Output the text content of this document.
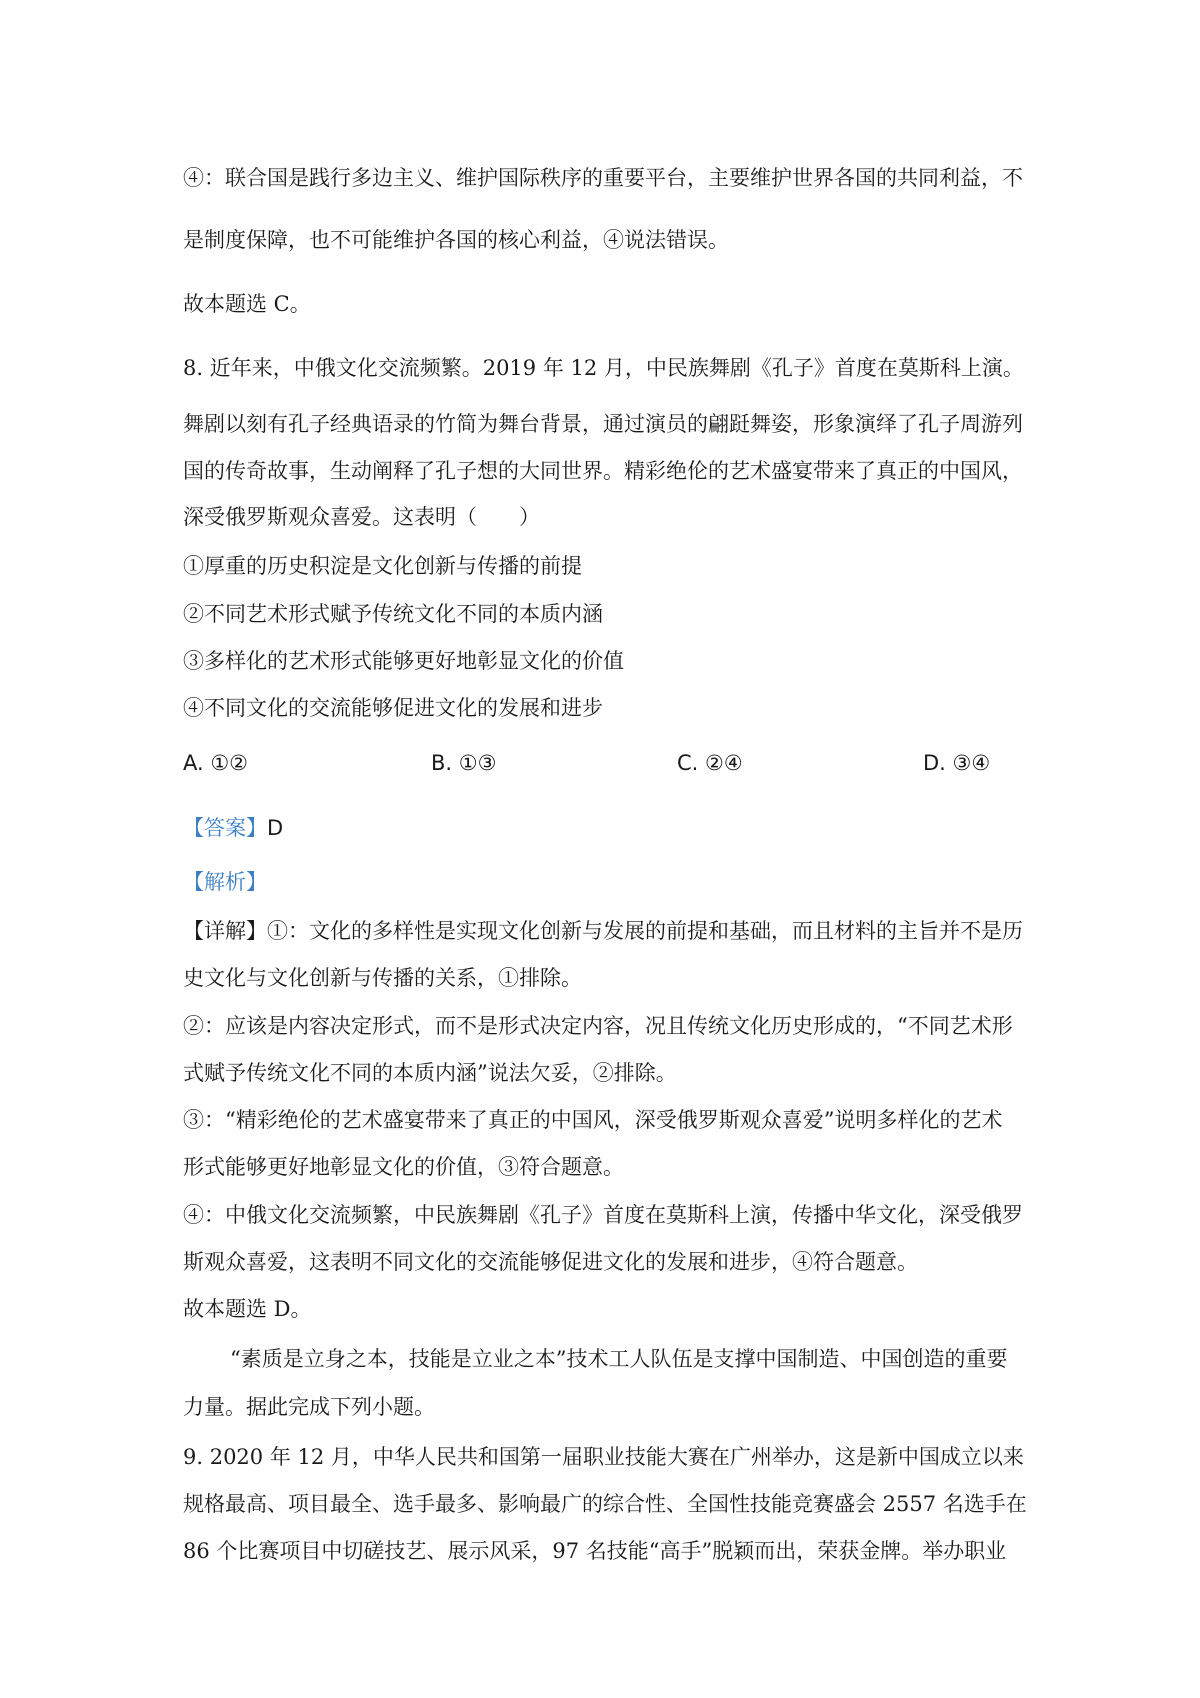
④：联合国是践行多边主义、维护国际秩序的重要平台，主要维护世界各国的共同利益，不
是制度保障，也不可能维护各国的核心利益，④说法错误。
故本题选 C。
8. 近年来，中俄文化交流频繁。2019 年 12 月，中民族舞剧《孔子》首度在莫斯科上演。
舞剧以刻有孔子经典语录的竹简为舞台背景，通过演员的翩跹舞姿，形象演绎了孔子周游列
国的传奇故事，生动阐释了孔子想的大同世界。精彩绝伦的艺术盛宴带来了真正的中国风，
深受俄罗斯观众喜爱。这表明（　　）
①厚重的历史积淀是文化创新与传播的前提
②不同艺术形式赋予传统文化不同的本质内涵
③多样化的艺术形式能够更好地彰显文化的价值
④不同文化的交流能够促进文化的发展和进步
A. ①②	B. ①③	C. ②④	D. ③④
【答案】D
【解析】
【详解】①：文化的多样性是实现文化创新与发展的前提和基础，而且材料的主旨并不是历
史文化与文化创新与传播的关系，①排除。
②：应该是内容决定形式，而不是形式决定内容，况且传统文化历史形成的，“不同艺术形
式赋予传统文化不同的本质内涵”说法欠妥，②排除。
③：“精彩绝伦的艺术盛宴带来了真正的中国风，深受俄罗斯观众喜爱”说明多样化的艺术
形式能够更好地彰显文化的价值，③符合题意。
④：中俄文化交流频繁，中民族舞剧《孔子》首度在莫斯科上演，传播中华文化，深受俄罗
斯观众喜爱，这表明不同文化的交流能够促进文化的发展和进步，④符合题意。
故本题选 D。
“素质是立身之本，技能是立业之本”技术工人队伍是支撑中国制造、中国创造的重要
力量。据此完成下列小题。
9. 2020 年 12 月，中华人民共和国第一届职业技能大赛在广州举办，这是新中国成立以来
规格最高、项目最全、选手最多、影响最广的综合性、全国性技能竞赛盛会 2557 名选手在
86 个比赛项目中切磋技艺、展示风采，97 名技能“高手”脱颖而出，荣获金牌。举办职业
